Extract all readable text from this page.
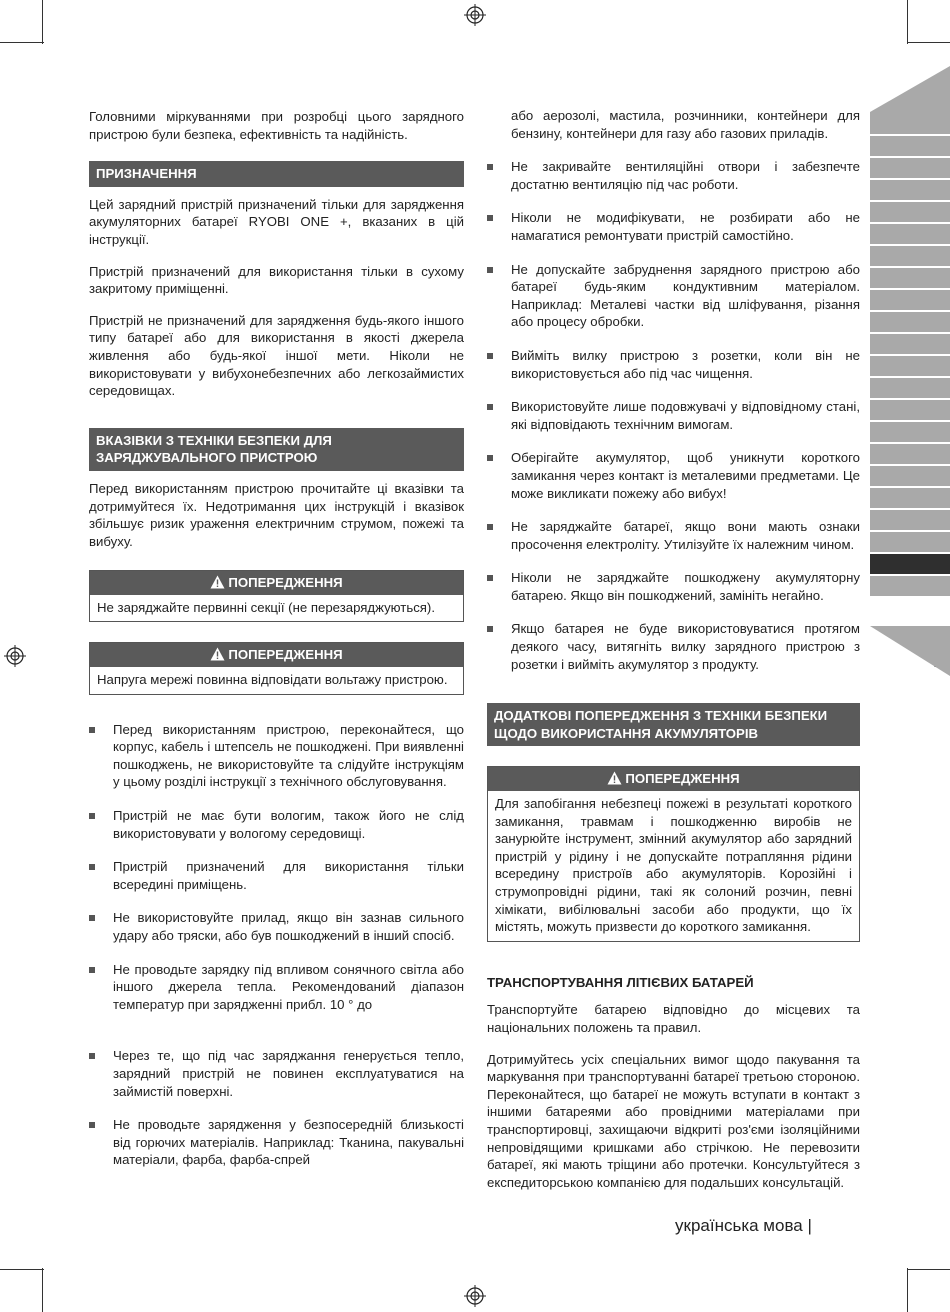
Головними міркуваннями при розробці цього зарядного пристрою були безпека, ефективність та надійність.

ПРИЗНАЧЕННЯ

Цей зарядний пристрій призначений тільки для зарядження акумуляторних батареї RYOBI ONE +, вказаних в цій інструкції.

Пристрій призначений для використання тільки в сухому закритому приміщенні.

Пристрій не призначений для зарядження будь-якого іншого типу батареї або для використання в якості джерела живлення або будь-якої іншої мети. Ніколи не використовувати у вибухонебезпечних або легкозаймистих середовищах.

ВКАЗІВКИ З ТЕХНІКИ БЕЗПЕКИ ДЛЯ ЗАРЯДЖУВАЛЬНОГО ПРИСТРОЮ

Перед використанням пристрою прочитайте ці вказівки та дотримуйтеся їх. Недотримання цих інструкцій і вказівок збільшує ризик ураження електричним струмом, пожежі та вибуху.

ПОПЕРЕДЖЕННЯ
Не заряджайте первинні секції (не перезаряджуються).
ПОПЕРЕДЖЕННЯ
Напруга мережі повинна відповідати вольтажу пристрою.
Перед використанням пристрою, переконайтеся, що корпус, кабель і штепсель не пошкоджені. При виявленні пошкоджень, не використовуйте та слідуйте інструкціям у цьому розділі інструкції з технічного обслуговування.
Пристрій не має бути вологим, також його не слід використовувати у вологому середовищі.
Пристрій призначений для використання тільки всередині приміщень.
Не використовуйте прилад, якщо він зазнав сильного удару або тряски, або був пошкоджений в інший спосіб.
Не проводьте зарядку під впливом сонячного світла або іншого джерела тепла. Рекомендований діапазон температур при зарядженні прибл. 10 ° до
Через те, що під час заряджання генерується тепло, зарядний пристрій не повинен експлуатуватися на займистій поверхні.
Не проводьте зарядження у безпосередній близькості від горючих матеріалів. Наприклад: Тканина, пакувальні матеріали, фарба, фарба-спрей

або аерозолі, мастила, розчинники, контейнери для бензину, контейнери для газу або газових приладів.

Не закривайте вентиляційні отвори і забезпечте достатню вентиляцію під час роботи.
Ніколи не модифікувати, не розбирати або не намагатися ремонтувати пристрій самостійно.
Не допускайте забруднення зарядного пристрою або батареї будь-яким кондуктивним матеріалом. Наприклад: Металеві частки від шліфування, різання або процесу обробки.
Вийміть вилку пристрою з розетки, коли він не використовується або під час чищення.
Використовуйте лише подовжувачі у відповідному стані, які відповідають технічним вимогам.
Оберігайте акумулятор, щоб уникнути короткого замикання через контакт із металевими предметами. Це може викликати пожежу або вибух!
Не заряджайте батареї, якщо вони мають ознаки просочення електроліту. Утилізуйте їх належним чином.
Ніколи не заряджайте пошкоджену акумуляторну батарею. Якщо він пошкоджений, замініть негайно.
Якщо батарея не буде використовуватися протягом деякого часу, витягніть вилку зарядного пристрою з розетки і вийміть акумулятор з продукту.
ДОДАТКОВІ ПОПЕРЕДЖЕННЯ З ТЕХНІКИ БЕЗПЕКИ ЩОДО ВИКОРИСТАННЯ АКУМУЛЯТОРІВ
ПОПЕРЕДЖЕННЯ
Для запобігання небезпеці пожежі в результаті короткого замикання, травмам і пошкодженню виробів не занурюйте інструмент, змінний акумулятор або зарядний пристрій у рідину і не допускайте потрапляння рідини всередину пристроїв або акумуляторів. Корозійні і струмопровідні рідини, такі як солоний розчин, певні хімікати, вибілювальні засоби або продукти, що їх містять, можуть призвести до короткого замикання.
ТРАНСПОРТУВАННЯ ЛІТІЄВИХ БАТАРЕЙ

Транспортуйте батарею відповідно до місцевих та національних положень та правил.

Дотримуйтесь усіх спеціальних вимог щодо пакування та маркування при транспортуванні батареї третьою стороною. Переконайтеся, що батареї не можуть вступати в контакт з іншими батареями або провідними матеріалами при транспортировці, захищаючи відкриті роз'єми ізоляційними непровідящими кришками або стрічкою. Не перевозити батареї, які мають тріщини або протечки. Консультуйтеся з експедиторською компанією для подальших консультацій.

українська мова |
